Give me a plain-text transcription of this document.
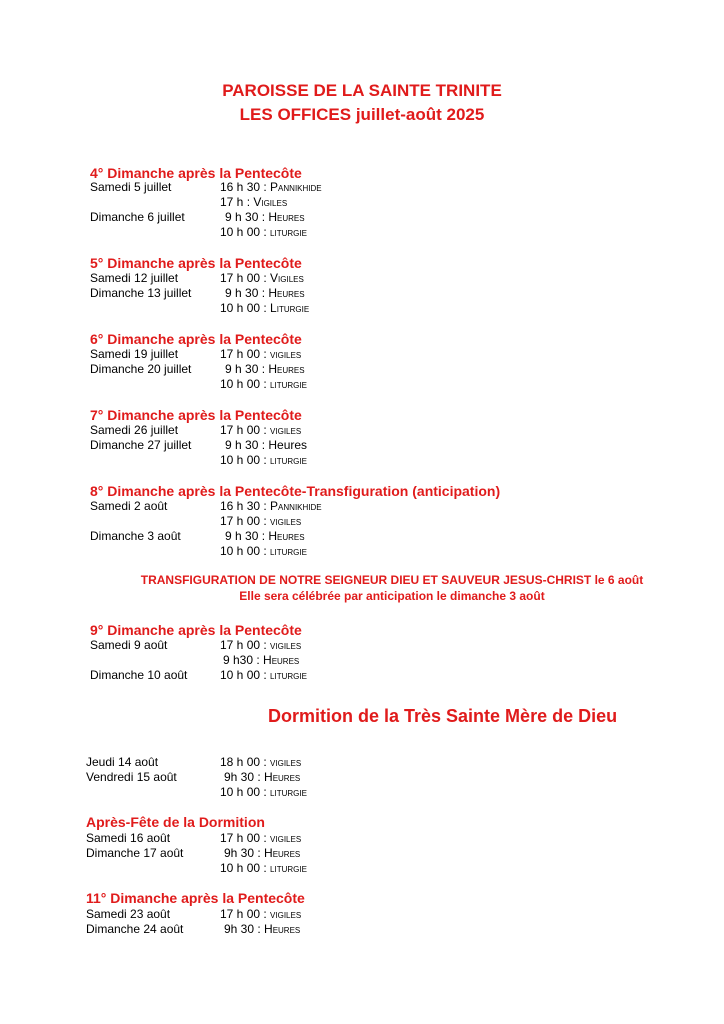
PAROISSE DE LA SAINTE TRINITE
LES OFFICES juillet-août 2025
4° Dimanche après la Pentecôte
Samedi 5 juillet	16 h 30 : Pannikhide
17 h : Vigiles
Dimanche 6 juillet	9 h 30 : Heures
10 h 00 : liturgie
5° Dimanche après la Pentecôte
Samedi 12 juillet	17 h 00 : Vigiles
Dimanche 13 juillet	9 h 30 : Heures
10 h 00 : Liturgie
6° Dimanche après la Pentecôte
Samedi 19 juillet	17 h 00 : vigiles
Dimanche 20 juillet	9 h 30 : Heures
10 h 00 : liturgie
7° Dimanche après la Pentecôte
Samedi 26 juillet	17 h 00 : vigiles
Dimanche 27 juillet	9 h 30 : Heures
10 h 00 : liturgie
8° Dimanche après la Pentecôte-Transfiguration (anticipation)
Samedi 2 août	16 h 30 : Pannikhide
17 h 00 : vigiles
Dimanche 3 août	9 h 30 : Heures
10 h 00 : liturgie
TRANSFIGURATION DE NOTRE SEIGNEUR DIEU ET SAUVEUR JESUS-CHRIST le 6 août
Elle sera célébrée par anticipation le dimanche 3 août
9° Dimanche après la Pentecôte
Samedi 9 août	17 h 00 : vigiles
9 h30 : Heures
Dimanche 10 août	10 h 00 : liturgie
Dormition de la Très Sainte Mère de Dieu
Jeudi 14 août	18 h 00 : vigiles
Vendredi 15 août	9h 30 : Heures
10 h 00 : liturgie
Après-Fête de la Dormition
Samedi 16 août	17 h 00 : vigiles
Dimanche 17 août	9h 30 : Heures
10 h 00 : liturgie
11° Dimanche après la Pentecôte
Samedi 23 août	17 h 00 : vigiles
Dimanche 24 août	9h 30 : Heures
